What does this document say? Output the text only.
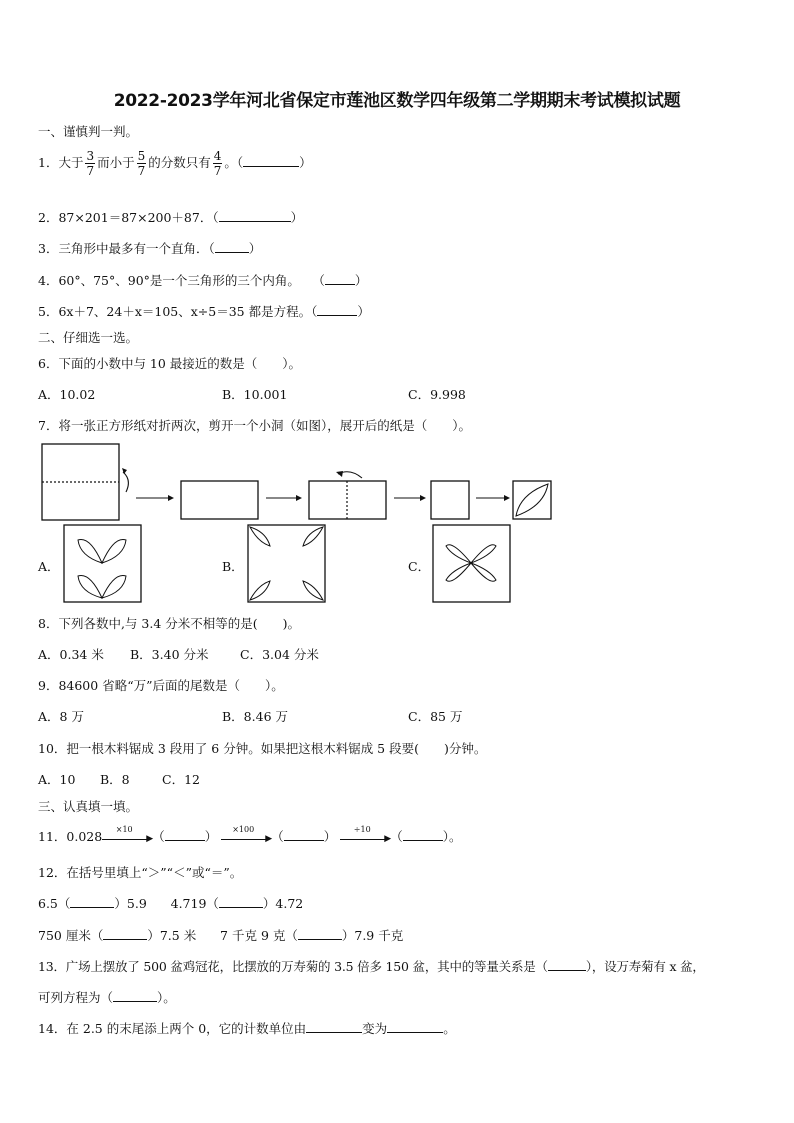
2022-2023学年河北省保定市莲池区数学四年级第二学期期末考试模拟试题
一、谨慎判一判。
1．大于 $\frac{3}{7}$ 而小于 $\frac{5}{7}$ 的分数只有 $\frac{4}{7}$ 。（	）
2．87×201＝87×200＋87．（	）
3．三角形中最多有一个直角．（	）
4．60°、75°、90°是一个三角形的三个内角。　　（ ）
5．6x＋7、24＋x＝105、x÷5＝35 都是方程。（	）
二、仔细选一选。
6．下面的小数中与 10 最接近的数是（　　）。
A．10.02	B．10.001	C．9.998
7．将一张正方形纸对折两次，剪开一个小洞（如图），展开后的纸是（　　）。
A．	B．	C．
8．下列各数中,与 3.4 分米不相等的是(　　)。
A．0.34 米 B．3.40 分米	C．3.04 分米
9．84600 省略“万”后面的尾数是（　　）。
A．8 万	B．8.46 万	C．85 万
10．把一根木料锯成 3 段用了 6 分钟。如果把这根木料锯成 5 段要(　　)分钟。
A．10 B．8	C．12
三、认真填一填。
11．0.028	×10
▶ （	）	×100
▶ （	）	÷10
▶ （	）。
12．在括号里填上“＞”“＜”或“＝”。
6.5（	）5.9 4.719（	）4.72
750 厘米（	）7.5 米 7 千克 9 克（	）7.9 千克
13．广场上摆放了 500 盆鸡冠花，比摆放的万寿菊的 3.5 倍多 150 盆，其中的等量关系是（	），设万寿菊有 x 盆，
可列方程为（	）。
14．在 2.5 的末尾添上两个 0，它的计数单位由	变为	。
